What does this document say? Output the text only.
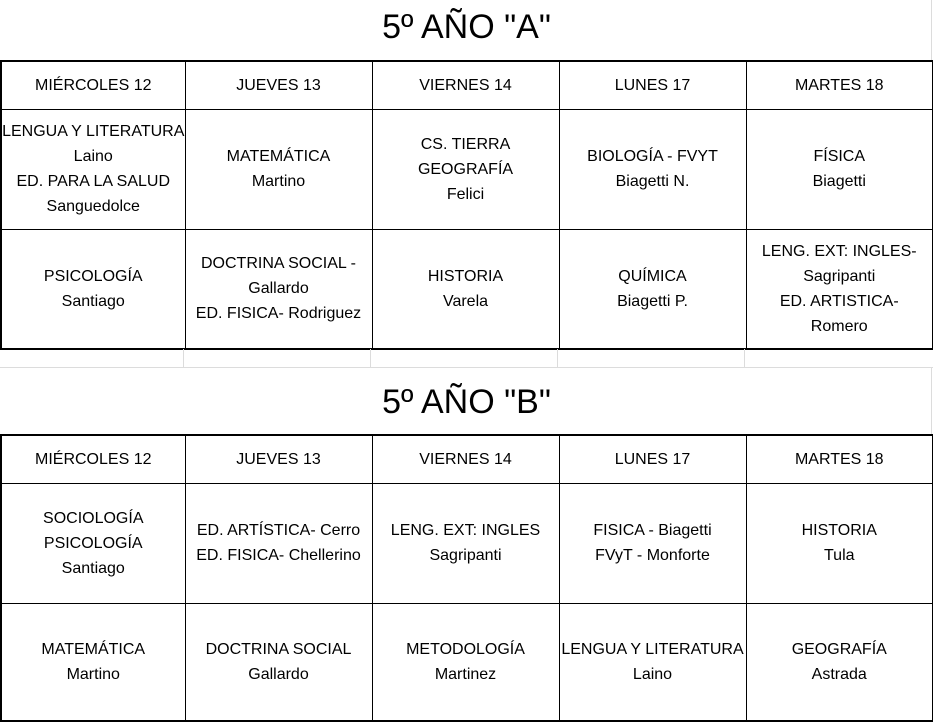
5º AÑO "A"
MIÉRCOLES 12	JUEVES 13	VIERNES 14	LUNES 17	MARTES 18

LENGUA Y LITERATURA
Laino
ED. PARA LA SALUD
Sanguedolce	MATEMÁTICA
Martino	CS. TIERRA
GEOGRAFÍA
Felici	BIOLOGÍA - FVYT
Biagetti N.	FÍSICA
Biagetti

PSICOLOGÍA
Santiago	DOCTRINA SOCIAL -
Gallardo
ED. FISICA- Rodriguez	HISTORIA
Varela	QUÍMICA
Biagetti P.	LENG. EXT: INGLES-
Sagripanti
ED. ARTISTICA-
Romero
5º AÑO "B"
MIÉRCOLES 12	JUEVES 13	VIERNES 14	LUNES 17	MARTES 18

SOCIOLOGÍA
PSICOLOGÍA
Santiago	ED. ARTÍSTICA- Cerro
ED. FISICA- Chellerino	LENG. EXT: INGLES
Sagripanti	FISICA - Biagetti
FVyT - Monforte	HISTORIA
Tula

MATEMÁTICA
Martino	DOCTRINA SOCIAL
Gallardo	METODOLOGÍA
Martinez	LENGUA Y LITERATURA
Laino	GEOGRAFÍA
Astrada
